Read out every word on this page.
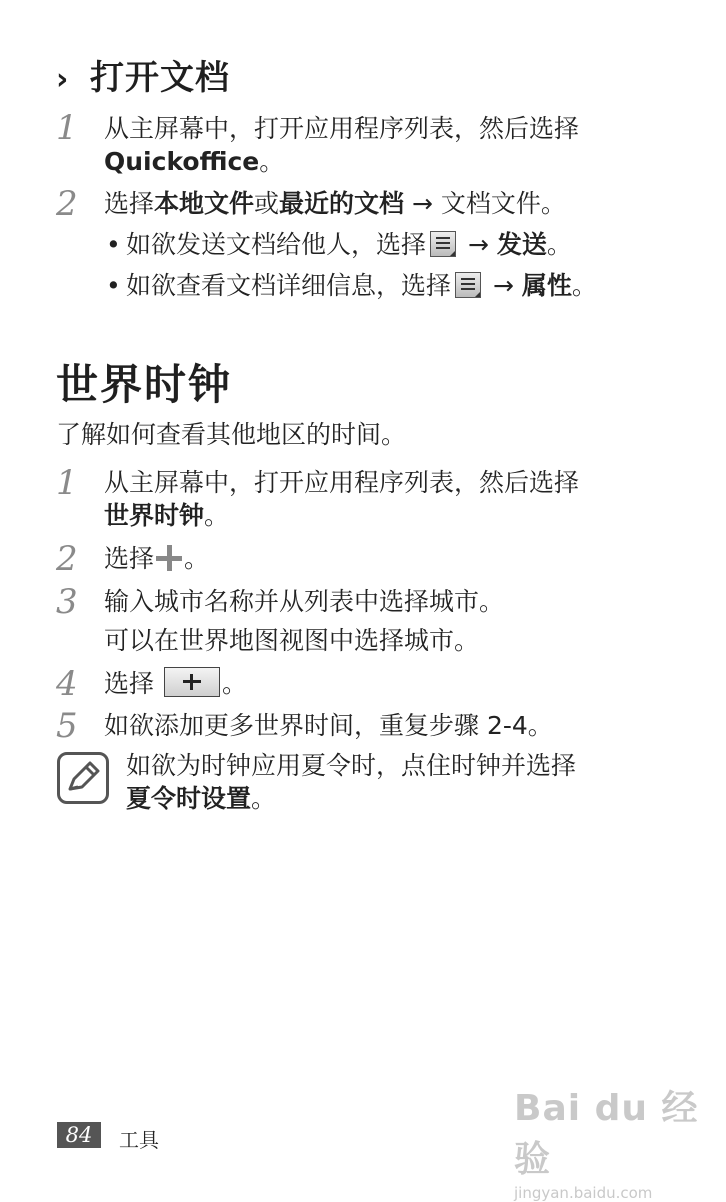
› 打开文档
1 从主屏幕中，打开应用程序列表，然后选择
Quickoffice。
2 选择本地文件或最近的文档 → 文档文件。
• 如欲发送文档给他人，选择
→ 发送。
• 如欲查看文档详细信息，选择
→ 属性。
世界时钟
了解如何查看其他地区的时间。
1 从主屏幕中，打开应用程序列表，然后选择
世界时钟。
2 选择 。
3 输入城市名称并从列表中选择城市。
可以在世界地图视图中选择城市。
4 选择	。
5 如欲添加更多世界时间，重复步骤 2-4。
如欲为时钟应用夏令时，点住时钟并选择
夏令时设置。
84	工具
Bai du 经验
jingyan.baidu.com
